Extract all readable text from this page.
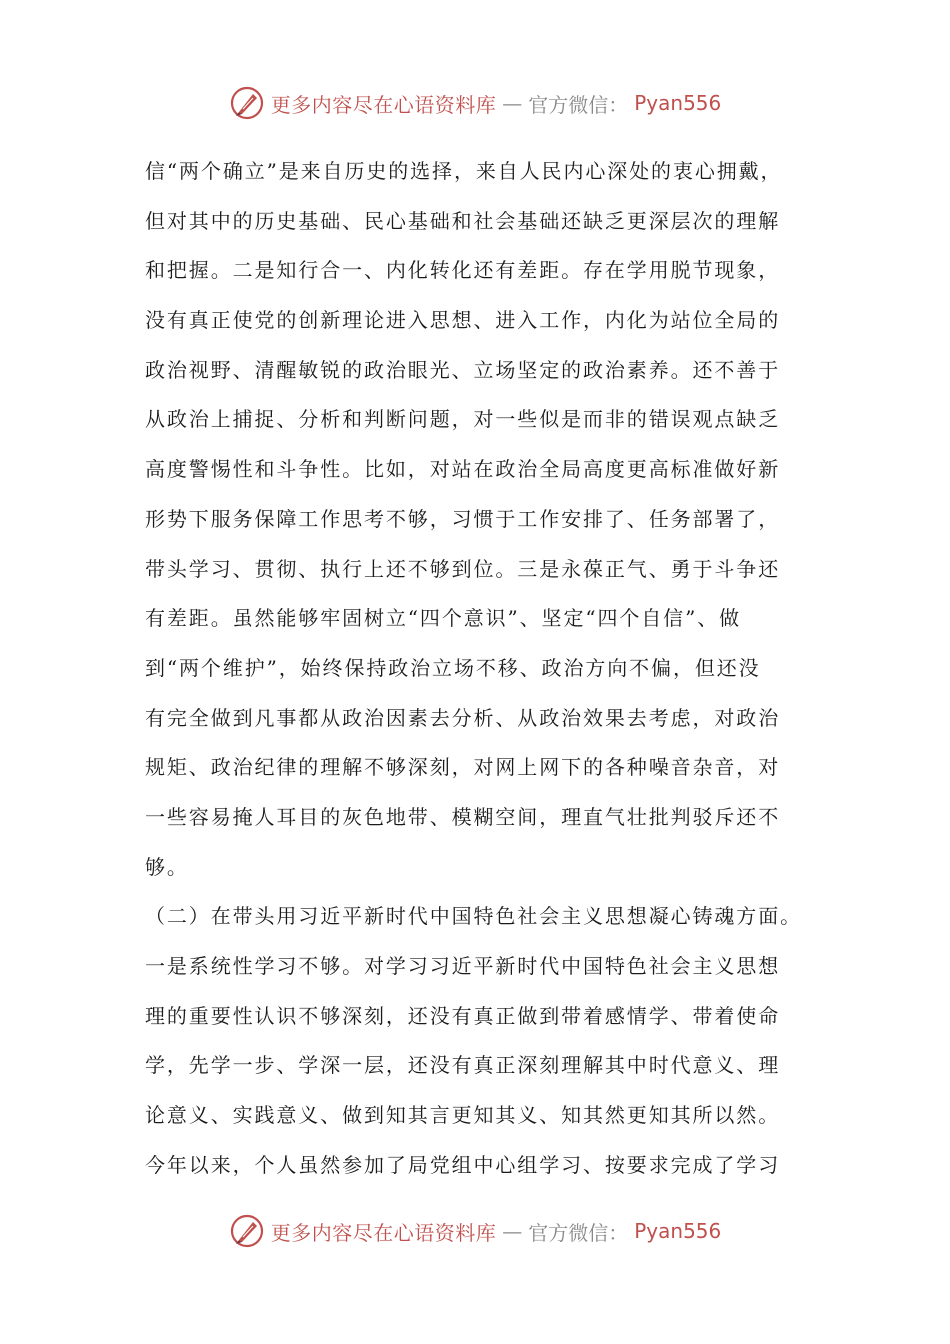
更多内容尽在心语资料库 — 官方微信： Pyan556
信“两个确立”是来自历史的选择，来自人民内心深处的衷心拥戴，
但对其中的历史基础、民心基础和社会基础还缺乏更深层次的理解
和把握。二是知行合一、内化转化还有差距。存在学用脱节现象，
没有真正使党的创新理论进入思想、进入工作，内化为站位全局的
政治视野、清醒敏锐的政治眼光、立场坚定的政治素养。还不善于
从政治上捕捉、分析和判断问题，对一些似是而非的错误观点缺乏
高度警惕性和斗争性。比如，对站在政治全局高度更高标准做好新
形势下服务保障工作思考不够，习惯于工作安排了、任务部署了，
带头学习、贯彻、执行上还不够到位。三是永葆正气、勇于斗争还
有差距。虽然能够牢固树立“四个意识”、坚定“四个自信”、做
到“两个维护”，始终保持政治立场不移、政治方向不偏，但还没
有完全做到凡事都从政治因素去分析、从政治效果去考虑，对政治
规矩、政治纪律的理解不够深刻，对网上网下的各种噪音杂音，对
一些容易掩人耳目的灰色地带、模糊空间，理直气壮批判驳斥还不
够。
（二）在带头用习近平新时代中国特色社会主义思想凝心铸魂方面。
一是系统性学习不够。对学习习近平新时代中国特色社会主义思想
理的重要性认识不够深刻，还没有真正做到带着感情学、带着使命
学，先学一步、学深一层，还没有真正深刻理解其中时代意义、理
论意义、实践意义、做到知其言更知其义、知其然更知其所以然。
今年以来，个人虽然参加了局党组中心组学习、按要求完成了学习
更多内容尽在心语资料库 — 官方微信： Pyan556
